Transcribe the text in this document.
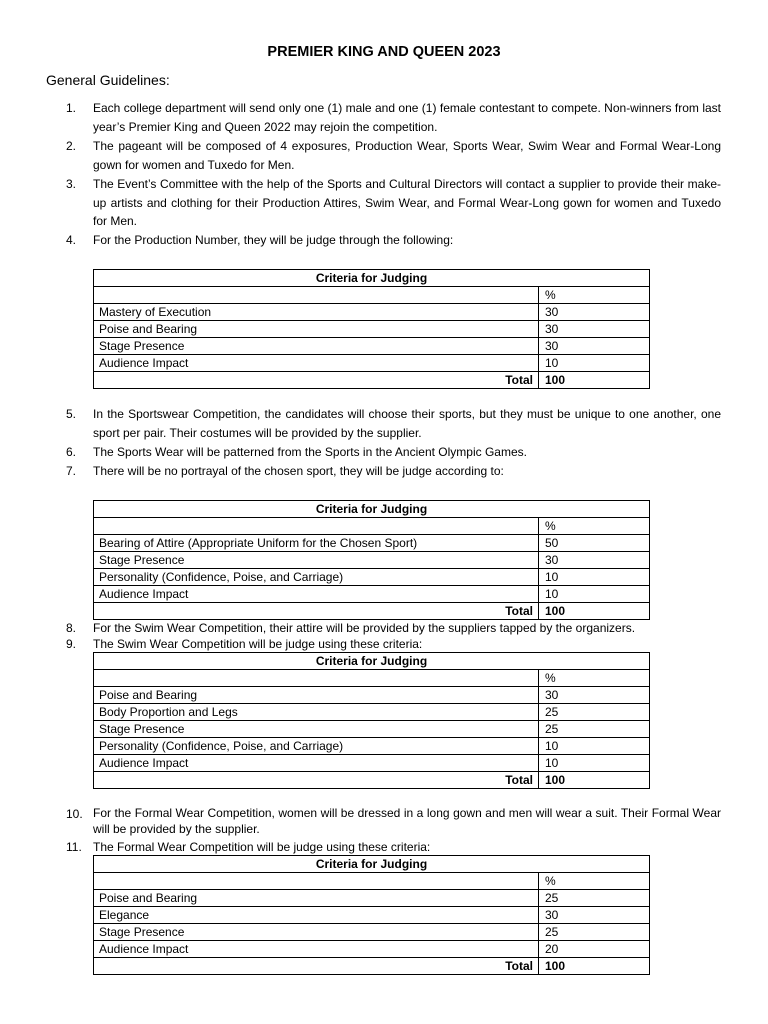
PREMIER KING AND QUEEN 2023
General Guidelines:
1.	Each college department will send only one (1) male and one (1) female contestant to compete. Non-winners from last year’s Premier King and Queen 2022 may rejoin the competition.
2.	The pageant will be composed of 4 exposures, Production Wear, Sports Wear, Swim Wear and Formal Wear-Long gown for women and Tuxedo for Men.
3.	The Event’s Committee with the help of the Sports and Cultural Directors will contact a supplier to provide their make-up artists and clothing for their Production Attires, Swim Wear, and Formal Wear-Long gown for women and Tuxedo for Men.
4.	For the Production Number, they will be judge through the following:
Criteria for Judging	
	%
Mastery of Execution	30
Poise and Bearing	30
Stage Presence	30
Audience Impact	10
Total	100
5.	In the Sportswear Competition, the candidates will choose their sports, but they must be unique to one another, one sport per pair. Their costumes will be provided by the supplier.
6.	The Sports Wear will be patterned from the Sports in the Ancient Olympic Games.
7.	There will be no portrayal of the chosen sport, they will be judge according to:
Criteria for Judging	
	%
Bearing of Attire (Appropriate Uniform for the Chosen Sport)	50
Stage Presence	30
Personality (Confidence, Poise, and Carriage)	10
Audience Impact	10
Total	100
8.	For the Swim Wear Competition, their attire will be provided by the suppliers tapped by the organizers.
9.	The Swim Wear Competition will be judge using these criteria:
Criteria for Judging	
	%
Poise and Bearing	30
Body Proportion and Legs	25
Stage Presence	25
Personality (Confidence, Poise, and Carriage)	10
Audience Impact	10
Total	100
10. For the Formal Wear Competition, women will be dressed in a long gown and men will wear a suit. Their Formal Wear will be provided by the supplier.
11. The Formal Wear Competition will be judge using these criteria:
Criteria for Judging	
	%
Poise and Bearing	25
Elegance	30
Stage Presence	25
Audience Impact	20
Total	100
